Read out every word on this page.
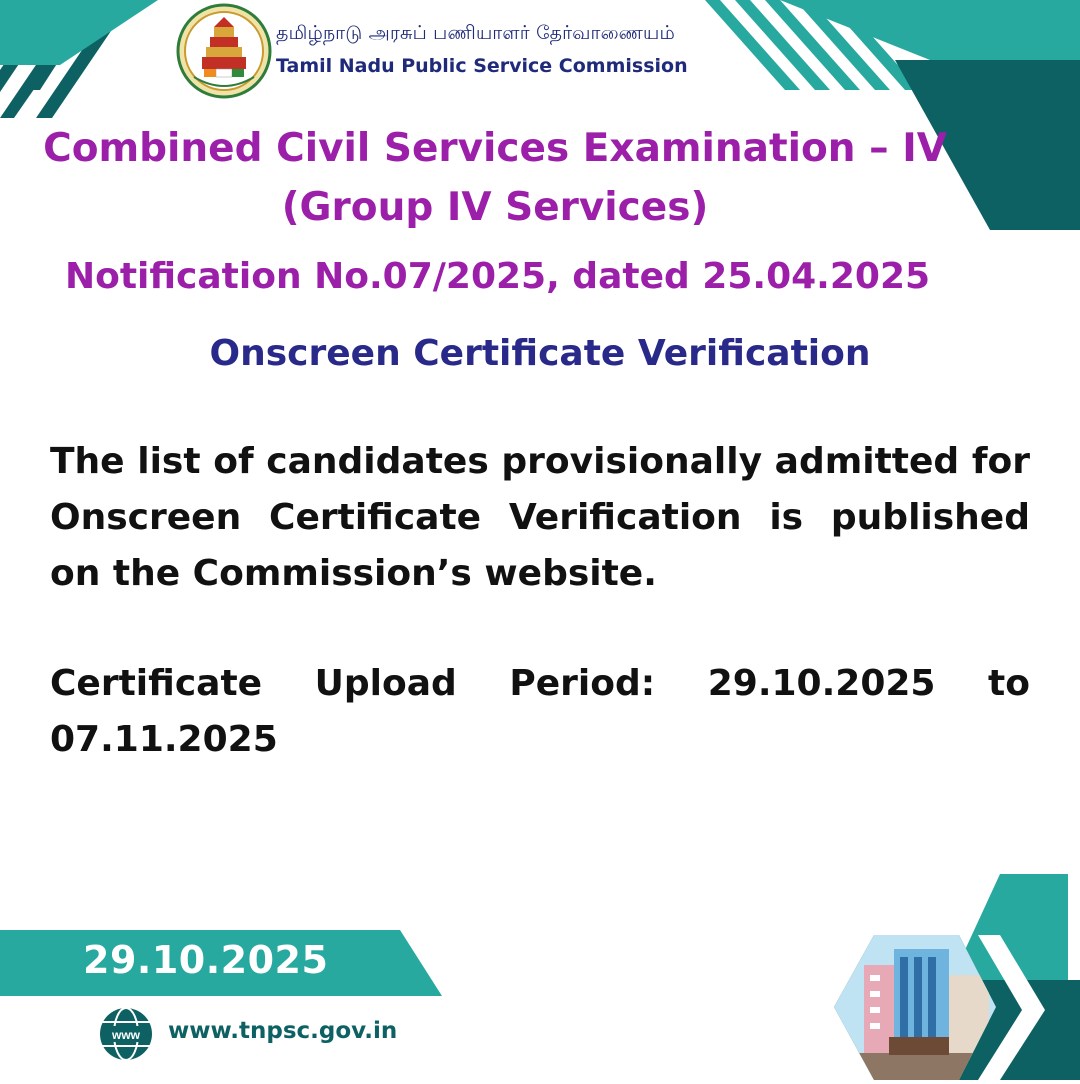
தமிழ்நாடு அரசுப் பணியாளர் தேர்வாணையம்
Tamil Nadu Public Service Commission
Combined Civil Services Examination – IV
(Group IV Services)
Notification No.07/2025, dated 25.04.2025
Onscreen Certificate Verification
The list of candidates provisionally admitted for Onscreen Certificate Verification is published on the Commission’s website.
Certificate Upload Period: 29.10.2025 to 07.11.2025
29.10.2025
www www.tnpsc.gov.in
